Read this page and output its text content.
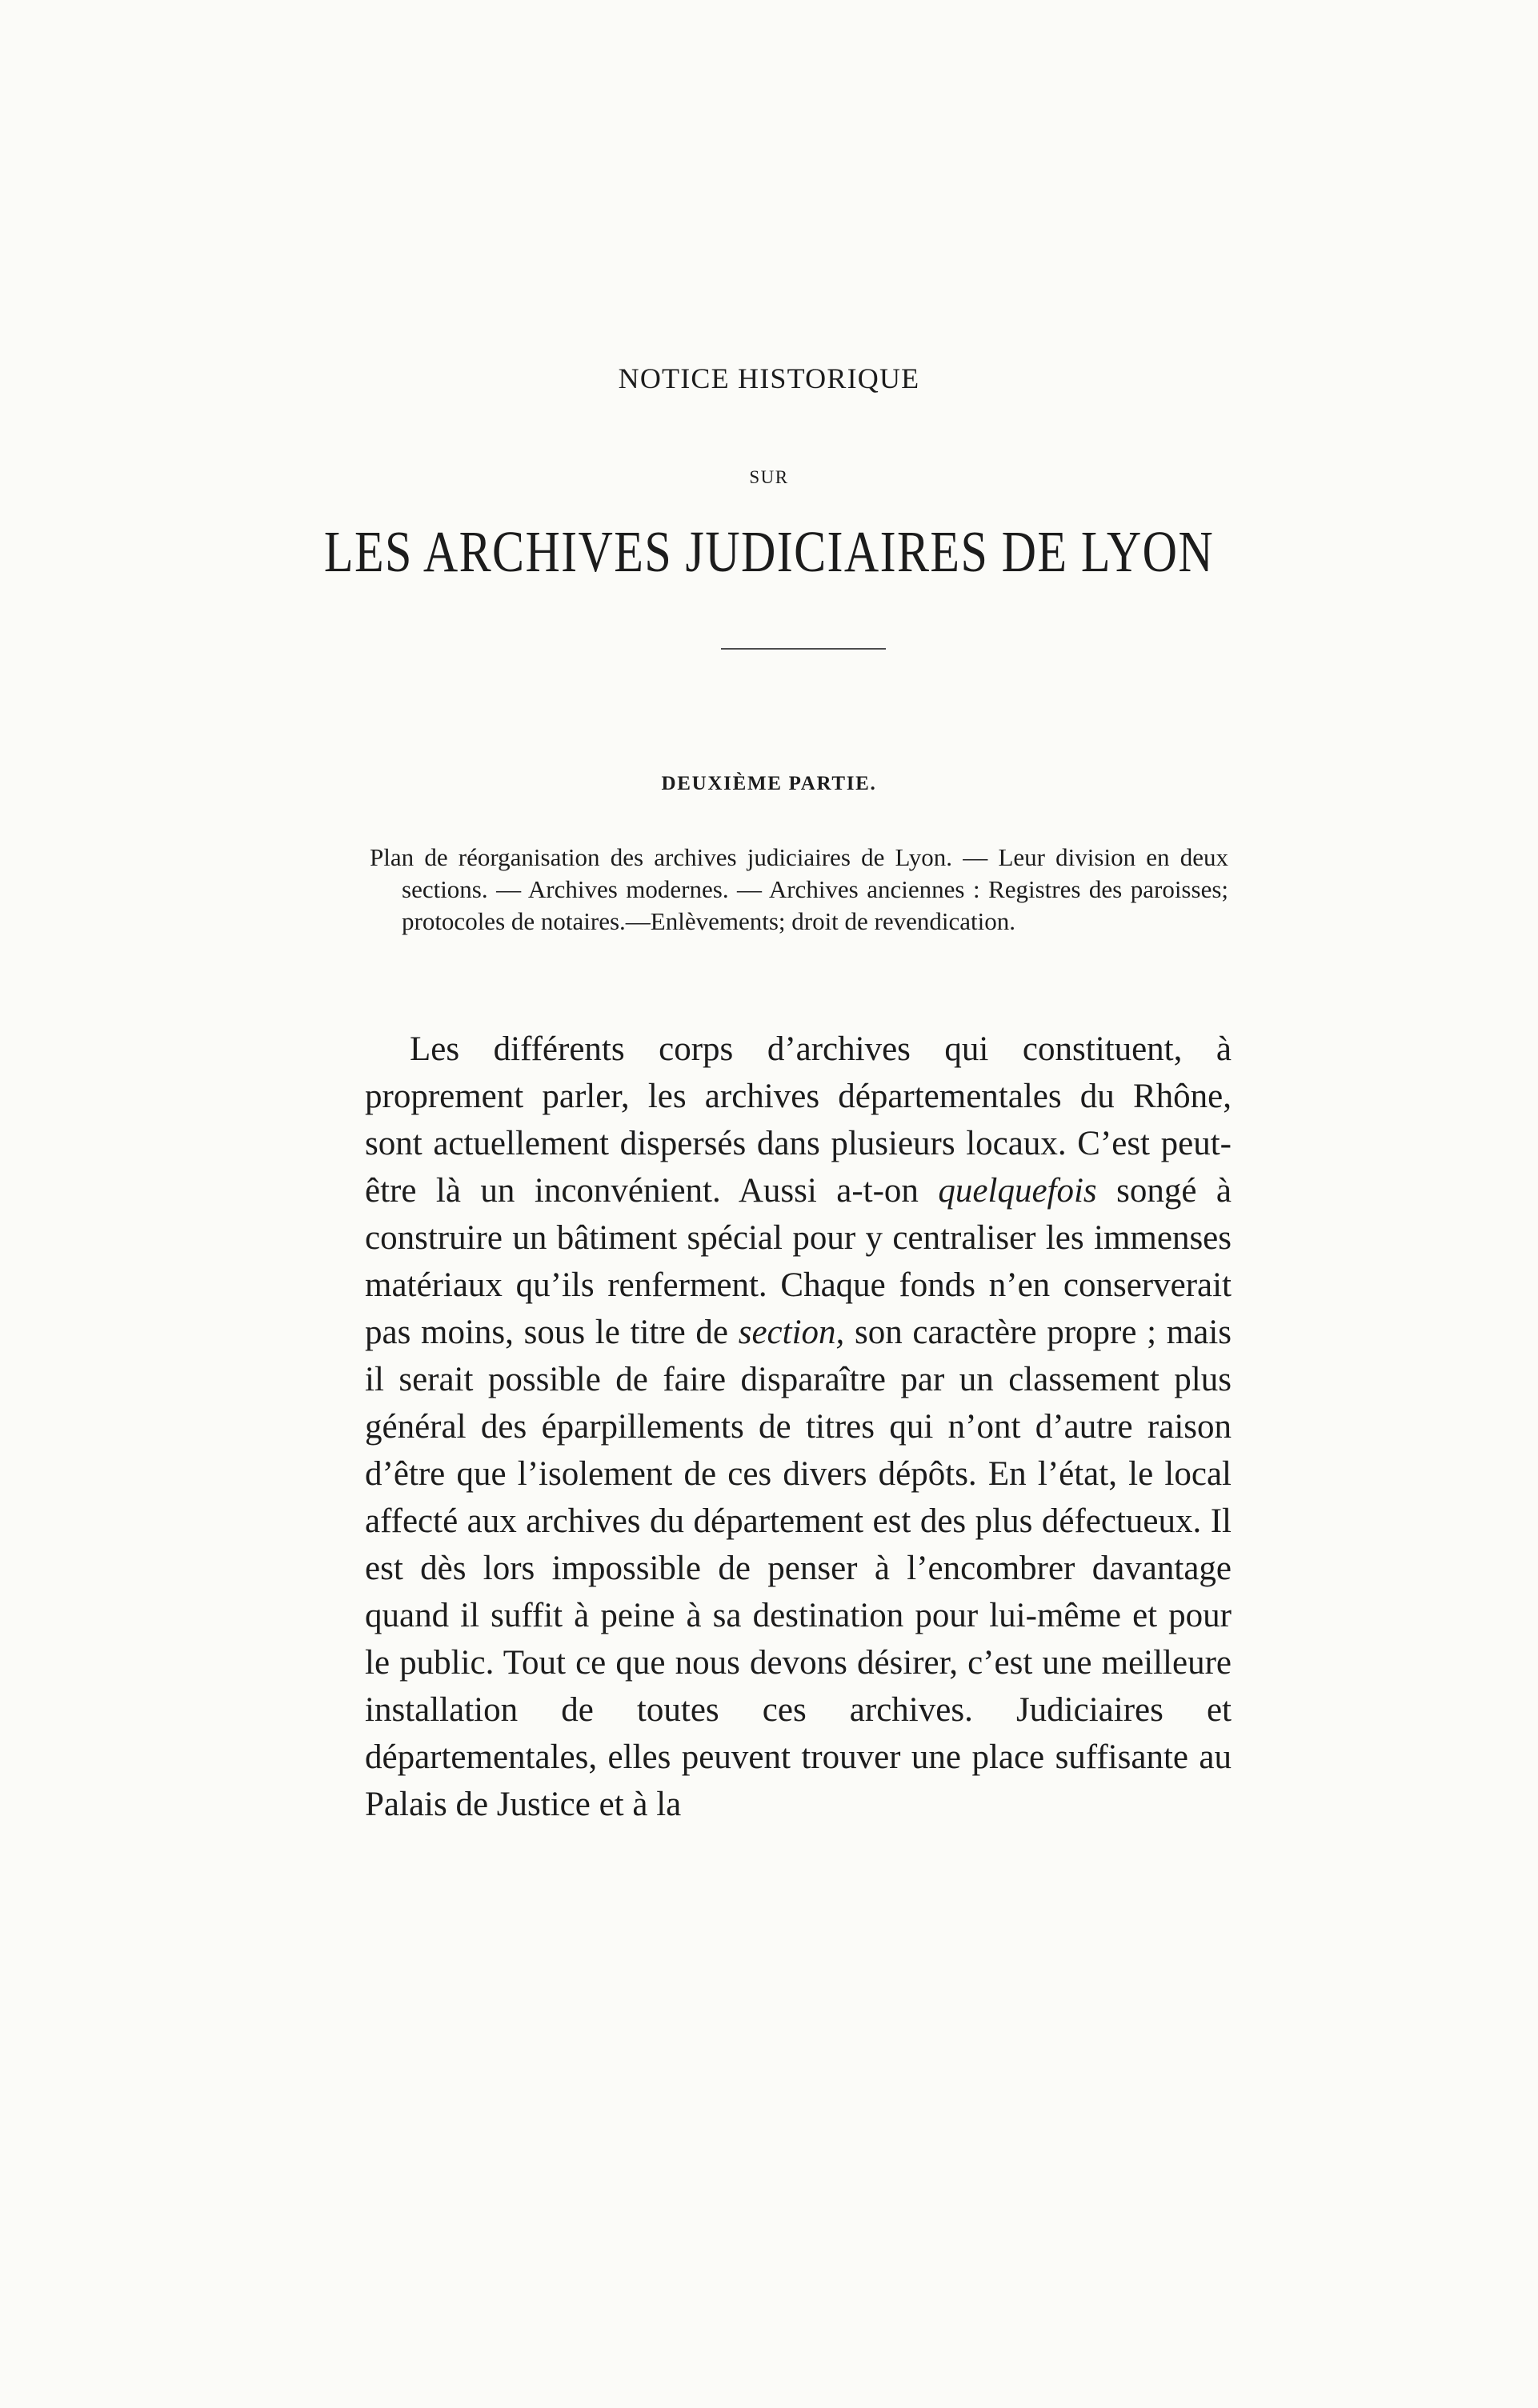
NOTICE HISTORIQUE
SUR
LES ARCHIVES JUDICIAIRES DE LYON
DEUXIÈME PARTIE.
Plan de réorganisation des archives judiciaires de Lyon. — Leur division en deux sections. — Archives modernes. — Archives anciennes : Registres des paroisses; protocoles de notaires.—Enlèvements; droit de revendication.
Les différents corps d’archives qui constituent, à proprement parler, les archives départementales du Rhône, sont actuellement dispersés dans plusieurs locaux. C’est peut-être là un inconvénient. Aussi a-t-on quelquefois songé à construire un bâtiment spécial pour y centraliser les immenses matériaux qu’ils renferment. Chaque fonds n’en conserverait pas moins, sous le titre de section, son caractère propre ; mais il serait possible de faire disparaître par un classement plus général des éparpillements de titres qui n’ont d’autre raison d’être que l’isolement de ces divers dépôts. En l’état, le local affecté aux archives du département est des plus défectueux. Il est dès lors impossible de penser à l’encombrer davantage quand il suffit à peine à sa destination pour lui-même et pour le public. Tout ce que nous devons désirer, c’est une meilleure installation de toutes ces archives. Judiciaires et départementales, elles peuvent trouver une place suffisante au Palais de Justice et à la
